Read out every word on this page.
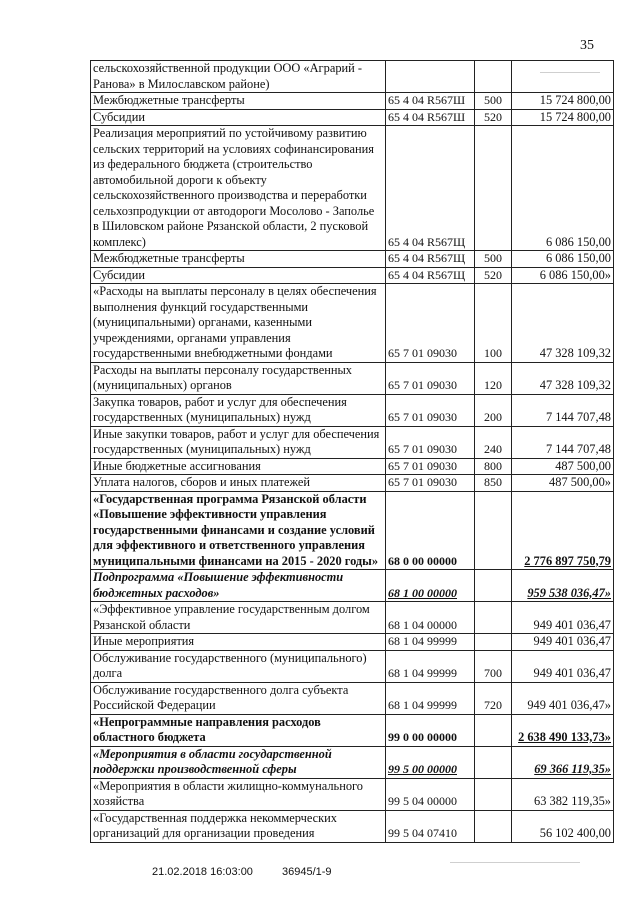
35
сельскохозяйственной продукции ООО «Аграрий - Ранова» в Милославском районе)			
Межбюджетные трансферты	65 4 04 R567Ш	500	15 724 800,00
Субсидии	65 4 04 R567Ш	520	15 724 800,00
Реализация мероприятий по устойчивому развитию сельских территорий на условиях софинансирования из федерального бюджета (строительство автомобильной дороги к объекту сельскохозяйственного производства и переработки сельхозпродукции от автодороги Мосолово - Заполье в Шиловском районе Рязанской области, 2 пусковой комплекс)	65 4 04 R567Щ		6 086 150,00
Межбюджетные трансферты	65 4 04 R567Щ	500	6 086 150,00
Субсидии	65 4 04 R567Щ	520	6 086 150,00»
«Расходы на выплаты персоналу в целях обеспечения выполнения функций государственными (муниципальными) органами, казенными учреждениями, органами управления государственными внебюджетными фондами	65 7 01 09030	100	47 328 109,32
Расходы на выплаты персоналу государственных (муниципальных) органов	65 7 01 09030	120	47 328 109,32
Закупка товаров, работ и услуг для обеспечения государственных (муниципальных) нужд	65 7 01 09030	200	7 144 707,48
Иные закупки товаров, работ и услуг для обеспечения государственных (муниципальных) нужд	65 7 01 09030	240	7 144 707,48
Иные бюджетные ассигнования	65 7 01 09030	800	487 500,00
Уплата налогов, сборов и иных платежей	65 7 01 09030	850	487 500,00»
«Государственная программа Рязанской области «Повышение эффективности управления государственными финансами и создание условий для эффективного и ответственного управления муниципальными финансами на 2015 - 2020 годы»	68 0 00 00000		2 776 897 750,79
Подпрограмма «Повышение эффективности бюджетных расходов»	68 1 00 00000		959 538 036,47»
«Эффективное управление государственным долгом Рязанской области	68 1 04 00000		949 401 036,47
Иные мероприятия	68 1 04 99999		949 401 036,47
Обслуживание государственного (муниципального) долга	68 1 04 99999	700	949 401 036,47
Обслуживание государственного долга субъекта Российской Федерации	68 1 04 99999	720	949 401 036,47»
«Непрограммные направления расходов областного бюджета	99 0 00 00000		2 638 490 133,73»
«Мероприятия в области государственной поддержки производственной сферы	99 5 00 00000		69 366 119,35»
«Мероприятия в области жилищно-коммунального хозяйства	99 5 04 00000		63 382 119,35»
«Государственная поддержка некоммерческих организаций для организации проведения	99 5 04 07410		56 102 400,00
21.02.2018 16:03:00	36945/1-9
